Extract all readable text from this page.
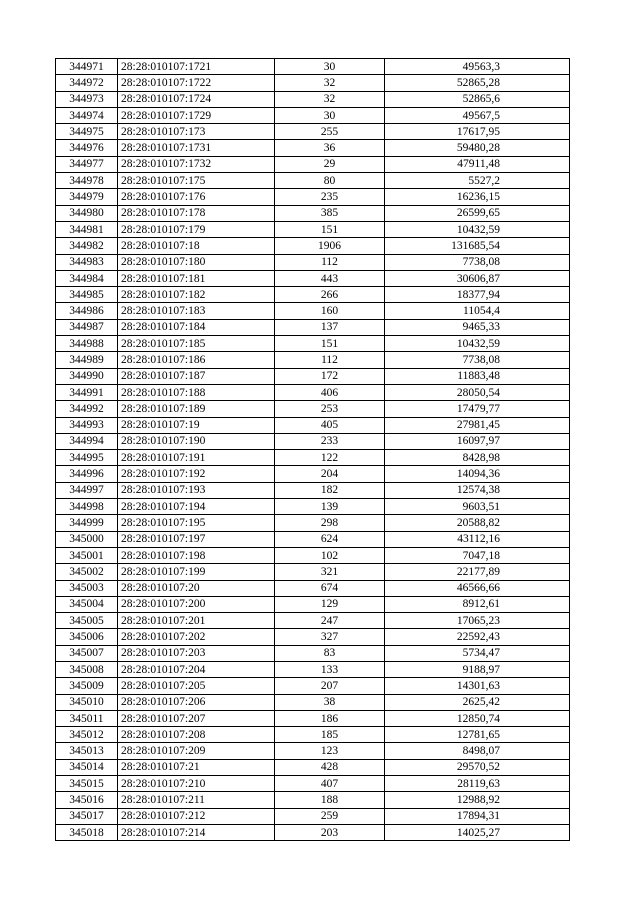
344971	28:28:010107:1721	30	49563,3
344972	28:28:010107:1722	32	52865,28
344973	28:28:010107:1724	32	52865,6
344974	28:28:010107:1729	30	49567,5
344975	28:28:010107:173	255	17617,95
344976	28:28:010107:1731	36	59480,28
344977	28:28:010107:1732	29	47911,48
344978	28:28:010107:175	80	5527,2
344979	28:28:010107:176	235	16236,15
344980	28:28:010107:178	385	26599,65
344981	28:28:010107:179	151	10432,59
344982	28:28:010107:18	1906	131685,54
344983	28:28:010107:180	112	7738,08
344984	28:28:010107:181	443	30606,87
344985	28:28:010107:182	266	18377,94
344986	28:28:010107:183	160	11054,4
344987	28:28:010107:184	137	9465,33
344988	28:28:010107:185	151	10432,59
344989	28:28:010107:186	112	7738,08
344990	28:28:010107:187	172	11883,48
344991	28:28:010107:188	406	28050,54
344992	28:28:010107:189	253	17479,77
344993	28:28:010107:19	405	27981,45
344994	28:28:010107:190	233	16097,97
344995	28:28:010107:191	122	8428,98
344996	28:28:010107:192	204	14094,36
344997	28:28:010107:193	182	12574,38
344998	28:28:010107:194	139	9603,51
344999	28:28:010107:195	298	20588,82
345000	28:28:010107:197	624	43112,16
345001	28:28:010107:198	102	7047,18
345002	28:28:010107:199	321	22177,89
345003	28:28:010107:20	674	46566,66
345004	28:28:010107:200	129	8912,61
345005	28:28:010107:201	247	17065,23
345006	28:28:010107:202	327	22592,43
345007	28:28:010107:203	83	5734,47
345008	28:28:010107:204	133	9188,97
345009	28:28:010107:205	207	14301,63
345010	28:28:010107:206	38	2625,42
345011	28:28:010107:207	186	12850,74
345012	28:28:010107:208	185	12781,65
345013	28:28:010107:209	123	8498,07
345014	28:28:010107:21	428	29570,52
345015	28:28:010107:210	407	28119,63
345016	28:28:010107:211	188	12988,92
345017	28:28:010107:212	259	17894,31
345018	28:28:010107:214	203	14025,27
